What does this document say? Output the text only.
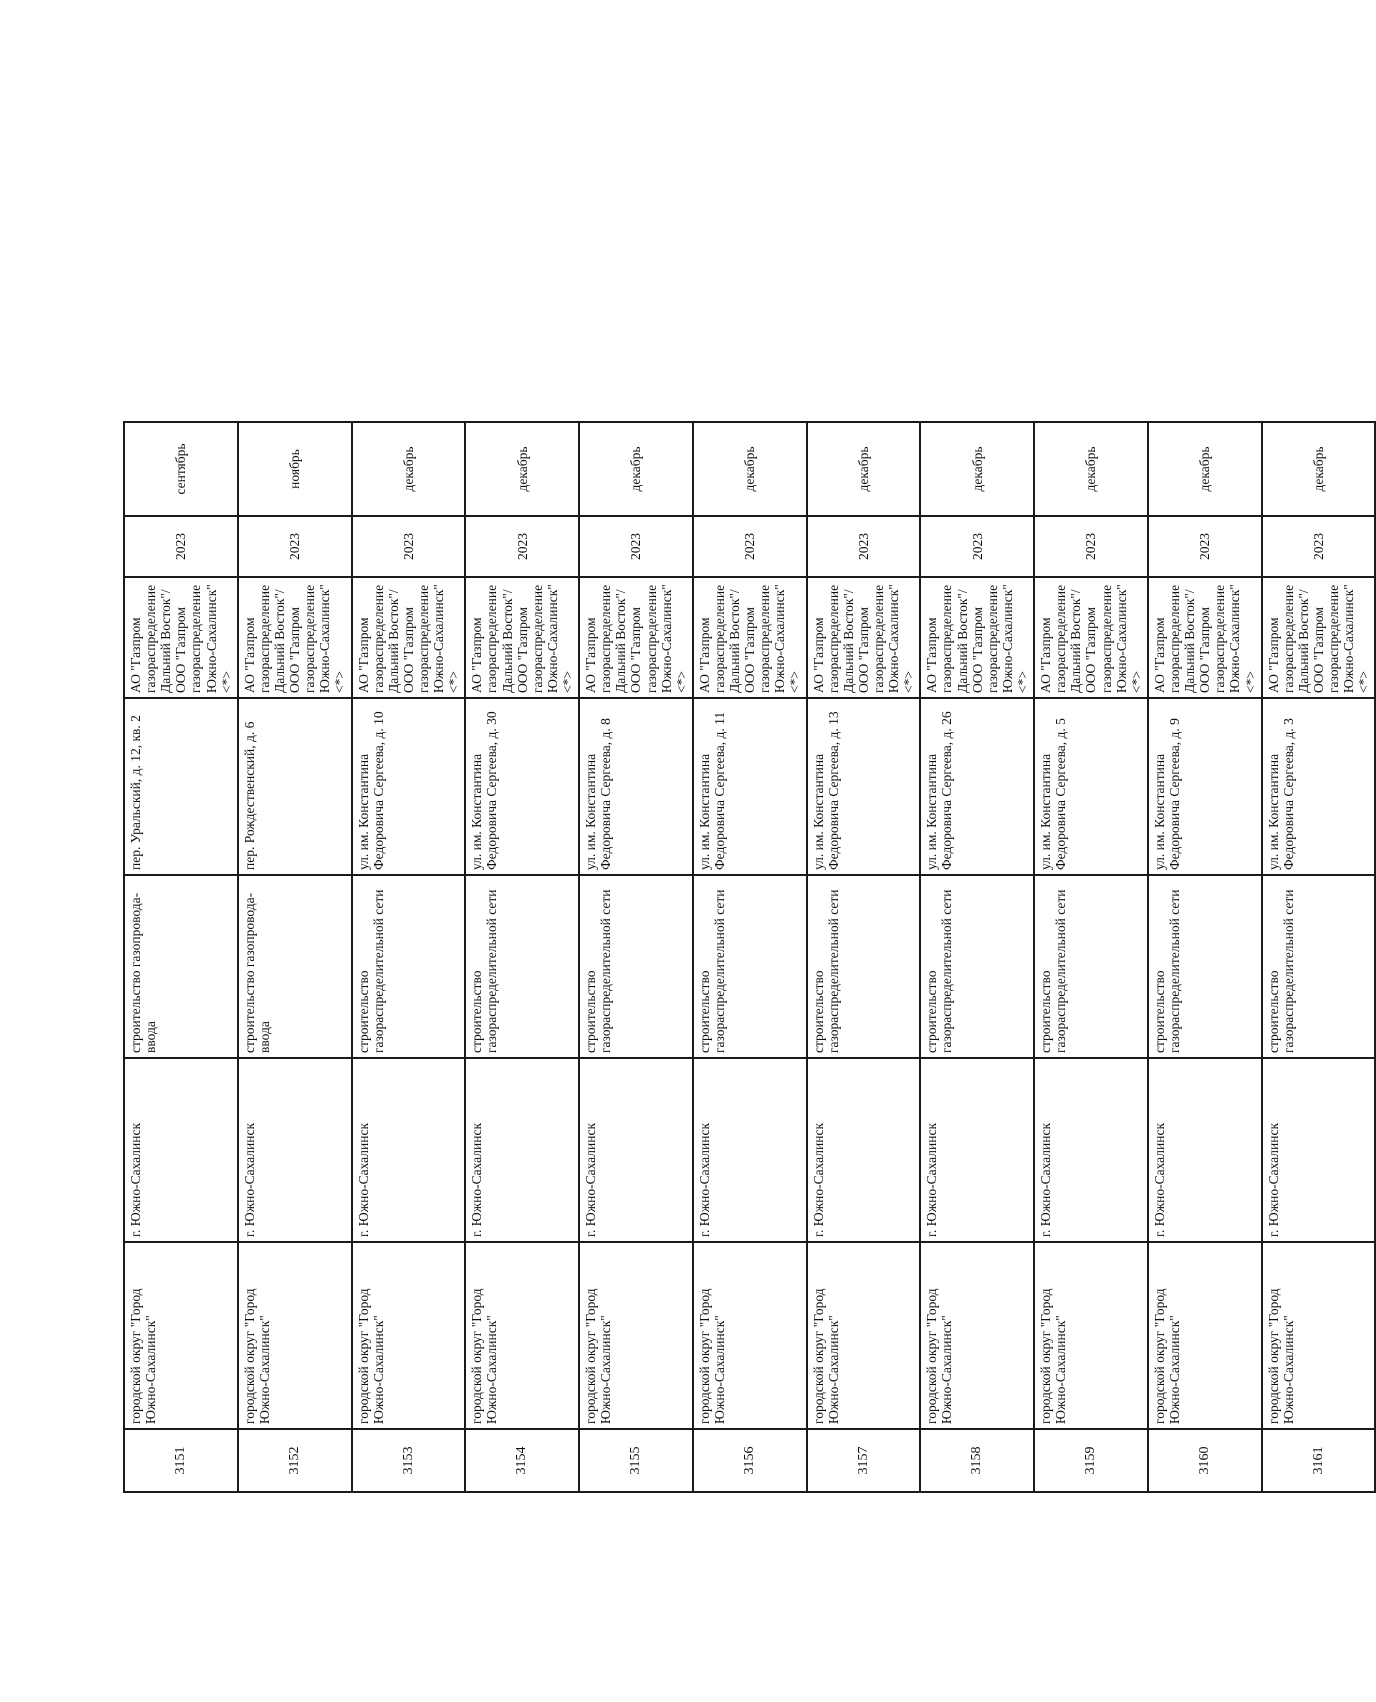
3151	городской округ "Город Южно-Сахалинск"	г. Южно-Сахалинск	строительство газопровода-ввода	пер. Уральский, д. 12, кв. 2	АО "Газпром газораспределение Дальний Восток"/ООО "Газпром газораспределение Южно-Сахалинск" <*>	2023	сентябрь
3152	городской округ "Город Южно-Сахалинск"	г. Южно-Сахалинск	строительство газопровода-ввода	пер. Рождественский, д. 6	АО "Газпром газораспределение Дальний Восток"/ООО "Газпром газораспределение Южно-Сахалинск" <*>	2023	ноябрь
3153	городской округ "Город Южно-Сахалинск"	г. Южно-Сахалинск	строительство газораспределительной сети	ул. им. Константина Федоровича Сергеева, д. 10	АО "Газпром газораспределение Дальний Восток"/ООО "Газпром газораспределение Южно-Сахалинск" <*>	2023	декабрь
3154	городской округ "Город Южно-Сахалинск"	г. Южно-Сахалинск	строительство газораспределительной сети	ул. им. Константина Федоровича Сергеева, д. 30	АО "Газпром газораспределение Дальний Восток"/ООО "Газпром газораспределение Южно-Сахалинск" <*>	2023	декабрь
3155	городской округ "Город Южно-Сахалинск"	г. Южно-Сахалинск	строительство газораспределительной сети	ул. им. Константина Федоровича Сергеева, д. 8	АО "Газпром газораспределение Дальний Восток"/ООО "Газпром газораспределение Южно-Сахалинск" <*>	2023	декабрь
3156	городской округ "Город Южно-Сахалинск"	г. Южно-Сахалинск	строительство газораспределительной сети	ул. им. Константина Федоровича Сергеева, д. 11	АО "Газпром газораспределение Дальний Восток"/ООО "Газпром газораспределение Южно-Сахалинск" <*>	2023	декабрь
3157	городской округ "Город Южно-Сахалинск"	г. Южно-Сахалинск	строительство газораспределительной сети	ул. им. Константина Федоровича Сергеева, д. 13	АО "Газпром газораспределение Дальний Восток"/ООО "Газпром газораспределение Южно-Сахалинск" <*>	2023	декабрь
3158	городской округ "Город Южно-Сахалинск"	г. Южно-Сахалинск	строительство газораспределительной сети	ул. им. Константина Федоровича Сергеева, д. 26	АО "Газпром газораспределение Дальний Восток"/ООО "Газпром газораспределение Южно-Сахалинск" <*>	2023	декабрь
3159	городской округ "Город Южно-Сахалинск"	г. Южно-Сахалинск	строительство газораспределительной сети	ул. им. Константина Федоровича Сергеева, д. 5	АО "Газпром газораспределение Дальний Восток"/ООО "Газпром газораспределение Южно-Сахалинск" <*>	2023	декабрь
3160	городской округ "Город Южно-Сахалинск"	г. Южно-Сахалинск	строительство газораспределительной сети	ул. им. Константина Федоровича Сергеева, д. 9	АО "Газпром газораспределение Дальний Восток"/ООО "Газпром газораспределение Южно-Сахалинск" <*>	2023	декабрь
3161	городской округ "Город Южно-Сахалинск"	г. Южно-Сахалинск	строительство газораспределительной сети	ул. им. Константина Федоровича Сергеева, д. 3	АО "Газпром газораспределение Дальний Восток"/ООО "Газпром газораспределение Южно-Сахалинск" <*>	2023	декабрь
